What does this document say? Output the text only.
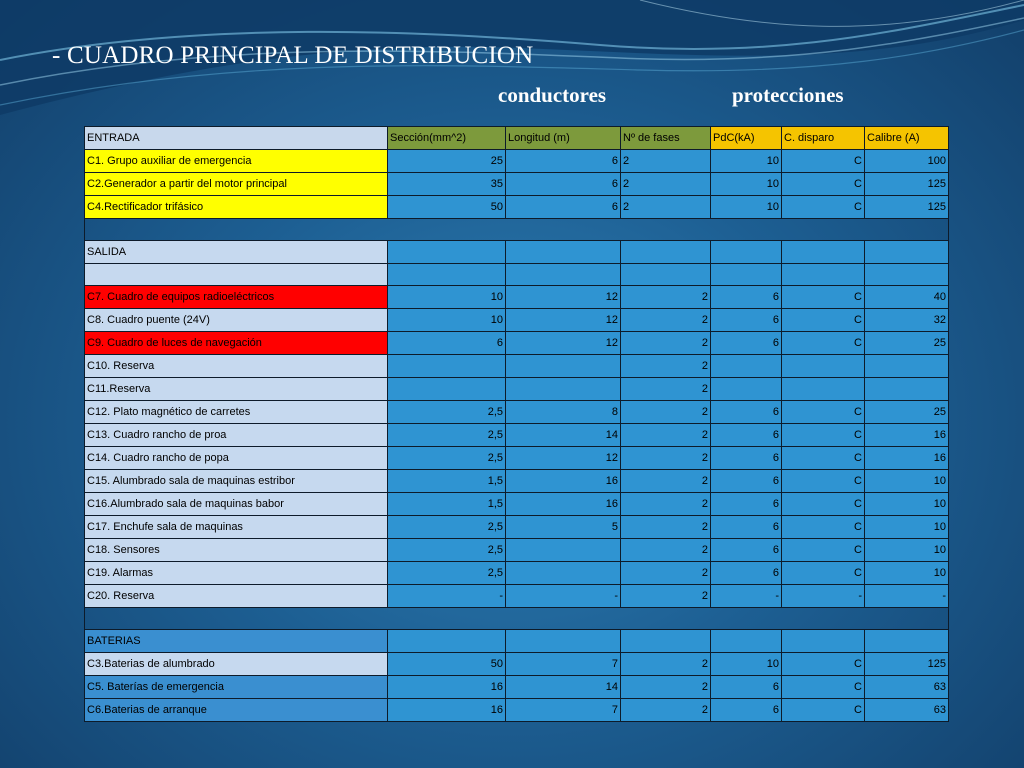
- CUADRO PRINCIPAL DE DISTRIBUCION
conductores	protecciones
ENTRADA	Sección(mm^2)	Longitud (m)	Nº de fases	PdC(kA)	C. disparo	Calibre (A)
C1. Grupo auxiliar de emergencia	25	6	2	10	C	100
C2.Generador a partir del motor principal	35	6	2	10	C	125
C4.Rectificador trifásico	50	6	2	10	C	125

SALIDA						

C7. Cuadro de equipos radioeléctricos	10	12	2	6	C	40
C8. Cuadro puente (24V)	10	12	2	6	C	32
C9. Cuadro de luces de navegación	6	12	2	6	C	25
C10. Reserva			2			
C11.Reserva			2			
C12. Plato magnético de carretes	2,5	8	2	6	C	25
C13. Cuadro rancho de proa	2,5	14	2	6	C	16
C14. Cuadro rancho de popa	2,5	12	2	6	C	16
C15. Alumbrado sala de maquinas estribor	1,5	16	2	6	C	10
C16.Alumbrado sala de maquinas babor	1,5	16	2	6	C	10
C17. Enchufe sala de maquinas	2,5	5	2	6	C	10
C18. Sensores	2,5		2	6	C	10
C19. Alarmas	2,5		2	6	C	10
C20. Reserva	-	-	2	-	-	-

BATERIAS						
C3.Baterias de alumbrado	50	7	2	10	C	125
C5. Baterías de emergencia	16	14	2	6	C	63
C6.Baterias de arranque	16	7	2	6	C	63
